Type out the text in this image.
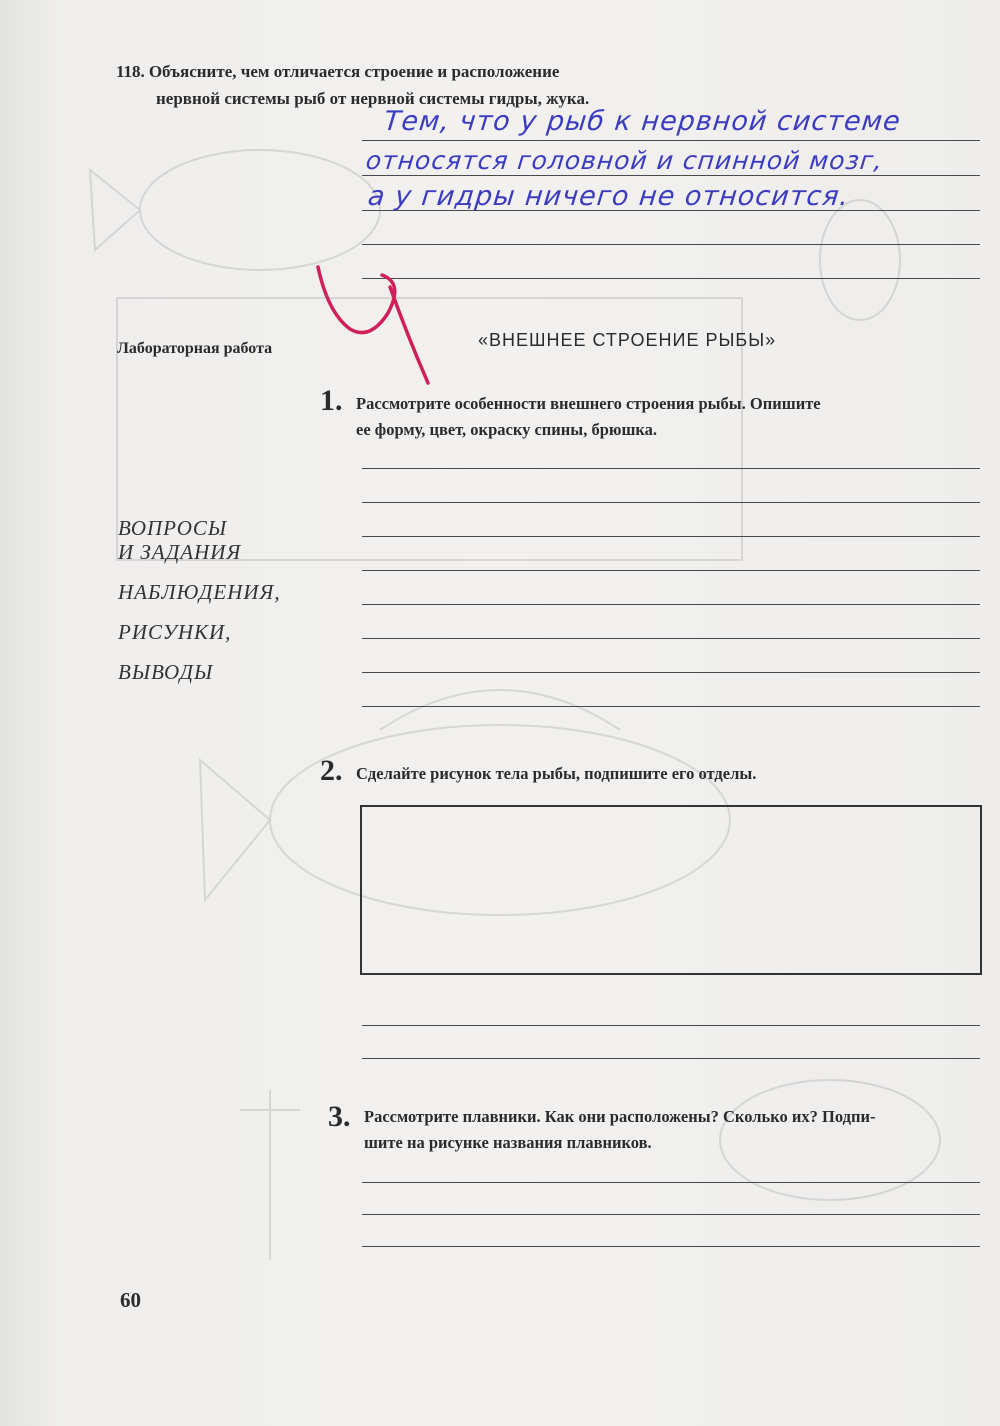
118. Объясните, чем отличается строение и расположение
нервной системы рыб от нервной системы гидры, жука.
Тем, что у рыб к нервной системе
относятся головной и спинной мозг,
а у гидры ничего не относится.
Лабораторная работа	«ВНЕШНЕЕ СТРОЕНИЕ РЫБЫ»
ВОПРОСЫ
И ЗАДАНИЯ
НАБЛЮДЕНИЯ,
РИСУНКИ,
ВЫВОДЫ
1. Рассмотрите особенности внешнего строения рыбы. Опишите
ее форму, цвет, окраску спины, брюшка.
2. Сделайте рисунок тела рыбы, подпишите его отделы.
3. Рассмотрите плавники. Как они расположены? Сколько их? Подпи-
шите на рисунке названия плавников.
60
